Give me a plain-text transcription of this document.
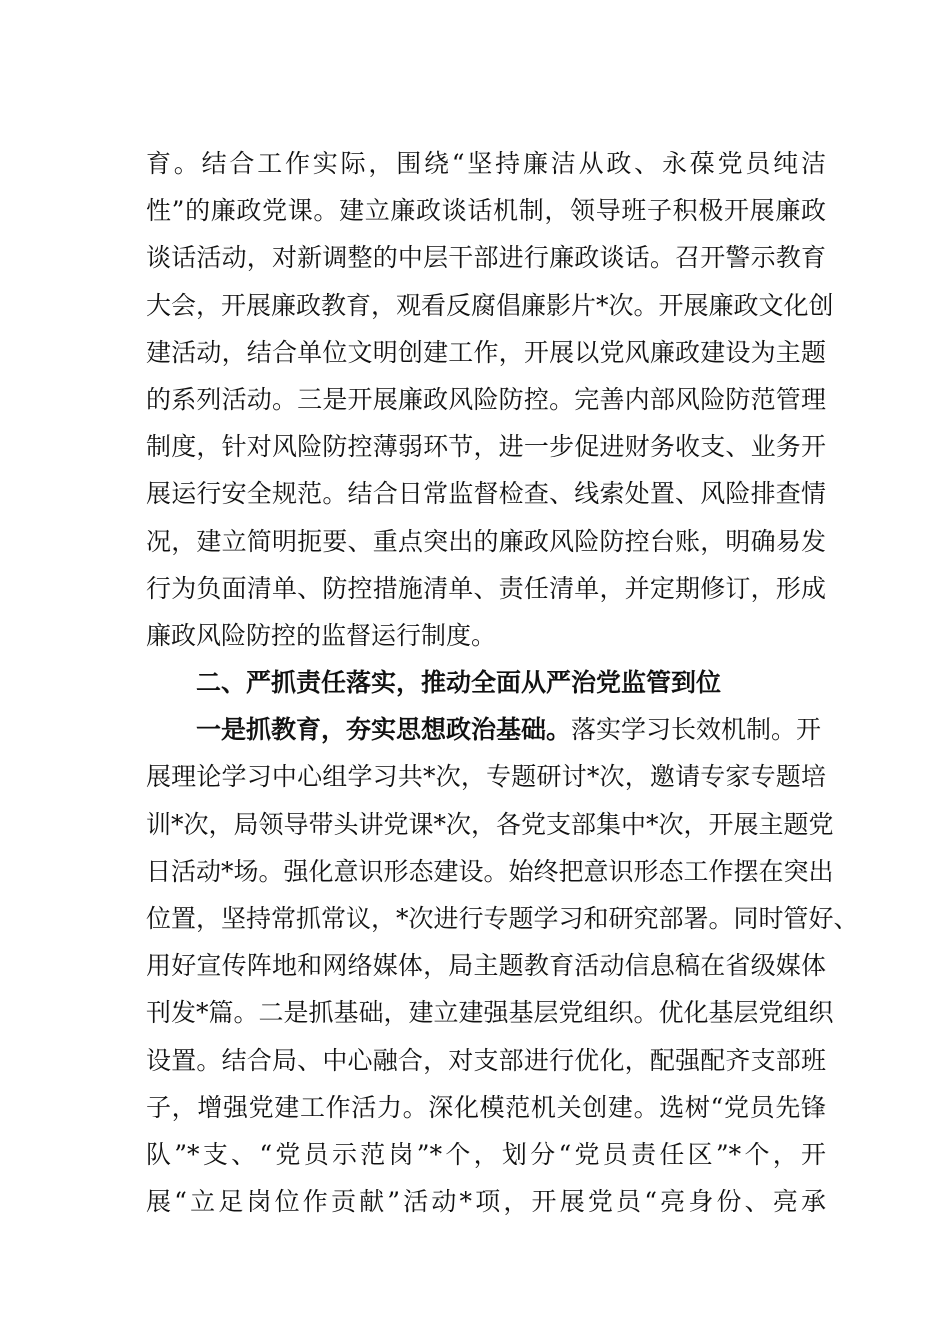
育。结合工作实际，围绕“坚持廉洁从政、永葆党员纯洁
性”的廉政党课。建立廉政谈话机制，领导班子积极开展廉政
谈话活动，对新调整的中层干部进行廉政谈话。召开警示教育
大会，开展廉政教育，观看反腐倡廉影片*次。开展廉政文化创
建活动，结合单位文明创建工作，开展以党风廉政建设为主题
的系列活动。三是开展廉政风险防控。完善内部风险防范管理
制度，针对风险防控薄弱环节，进一步促进财务收支、业务开
展运行安全规范。结合日常监督检查、线索处置、风险排查情
况，建立简明扼要、重点突出的廉政风险防控台账，明确易发
行为负面清单、防控措施清单、责任清单，并定期修订，形成
廉政风险防控的监督运行制度。
二、严抓责任落实，推动全面从严治党监管到位
一是抓教育，夯实思想政治基础。落实学习长效机制。开
展理论学习中心组学习共*次，专题研讨*次，邀请专家专题培
训*次，局领导带头讲党课*次，各党支部集中*次，开展主题党
日活动*场。强化意识形态建设。始终把意识形态工作摆在突出
位置，坚持常抓常议，*次进行专题学习和研究部署。同时管好、
用好宣传阵地和网络媒体，局主题教育活动信息稿在省级媒体
刊发*篇。二是抓基础，建立建强基层党组织。优化基层党组织
设置。结合局、中心融合，对支部进行优化，配强配齐支部班
子，增强党建工作活力。深化模范机关创建。选树“党员先锋
队”*支、“党员示范岗”*个，划分“党员责任区”*个，开
展“立足岗位作贡献”活动*项，开展党员“亮身份、亮承
